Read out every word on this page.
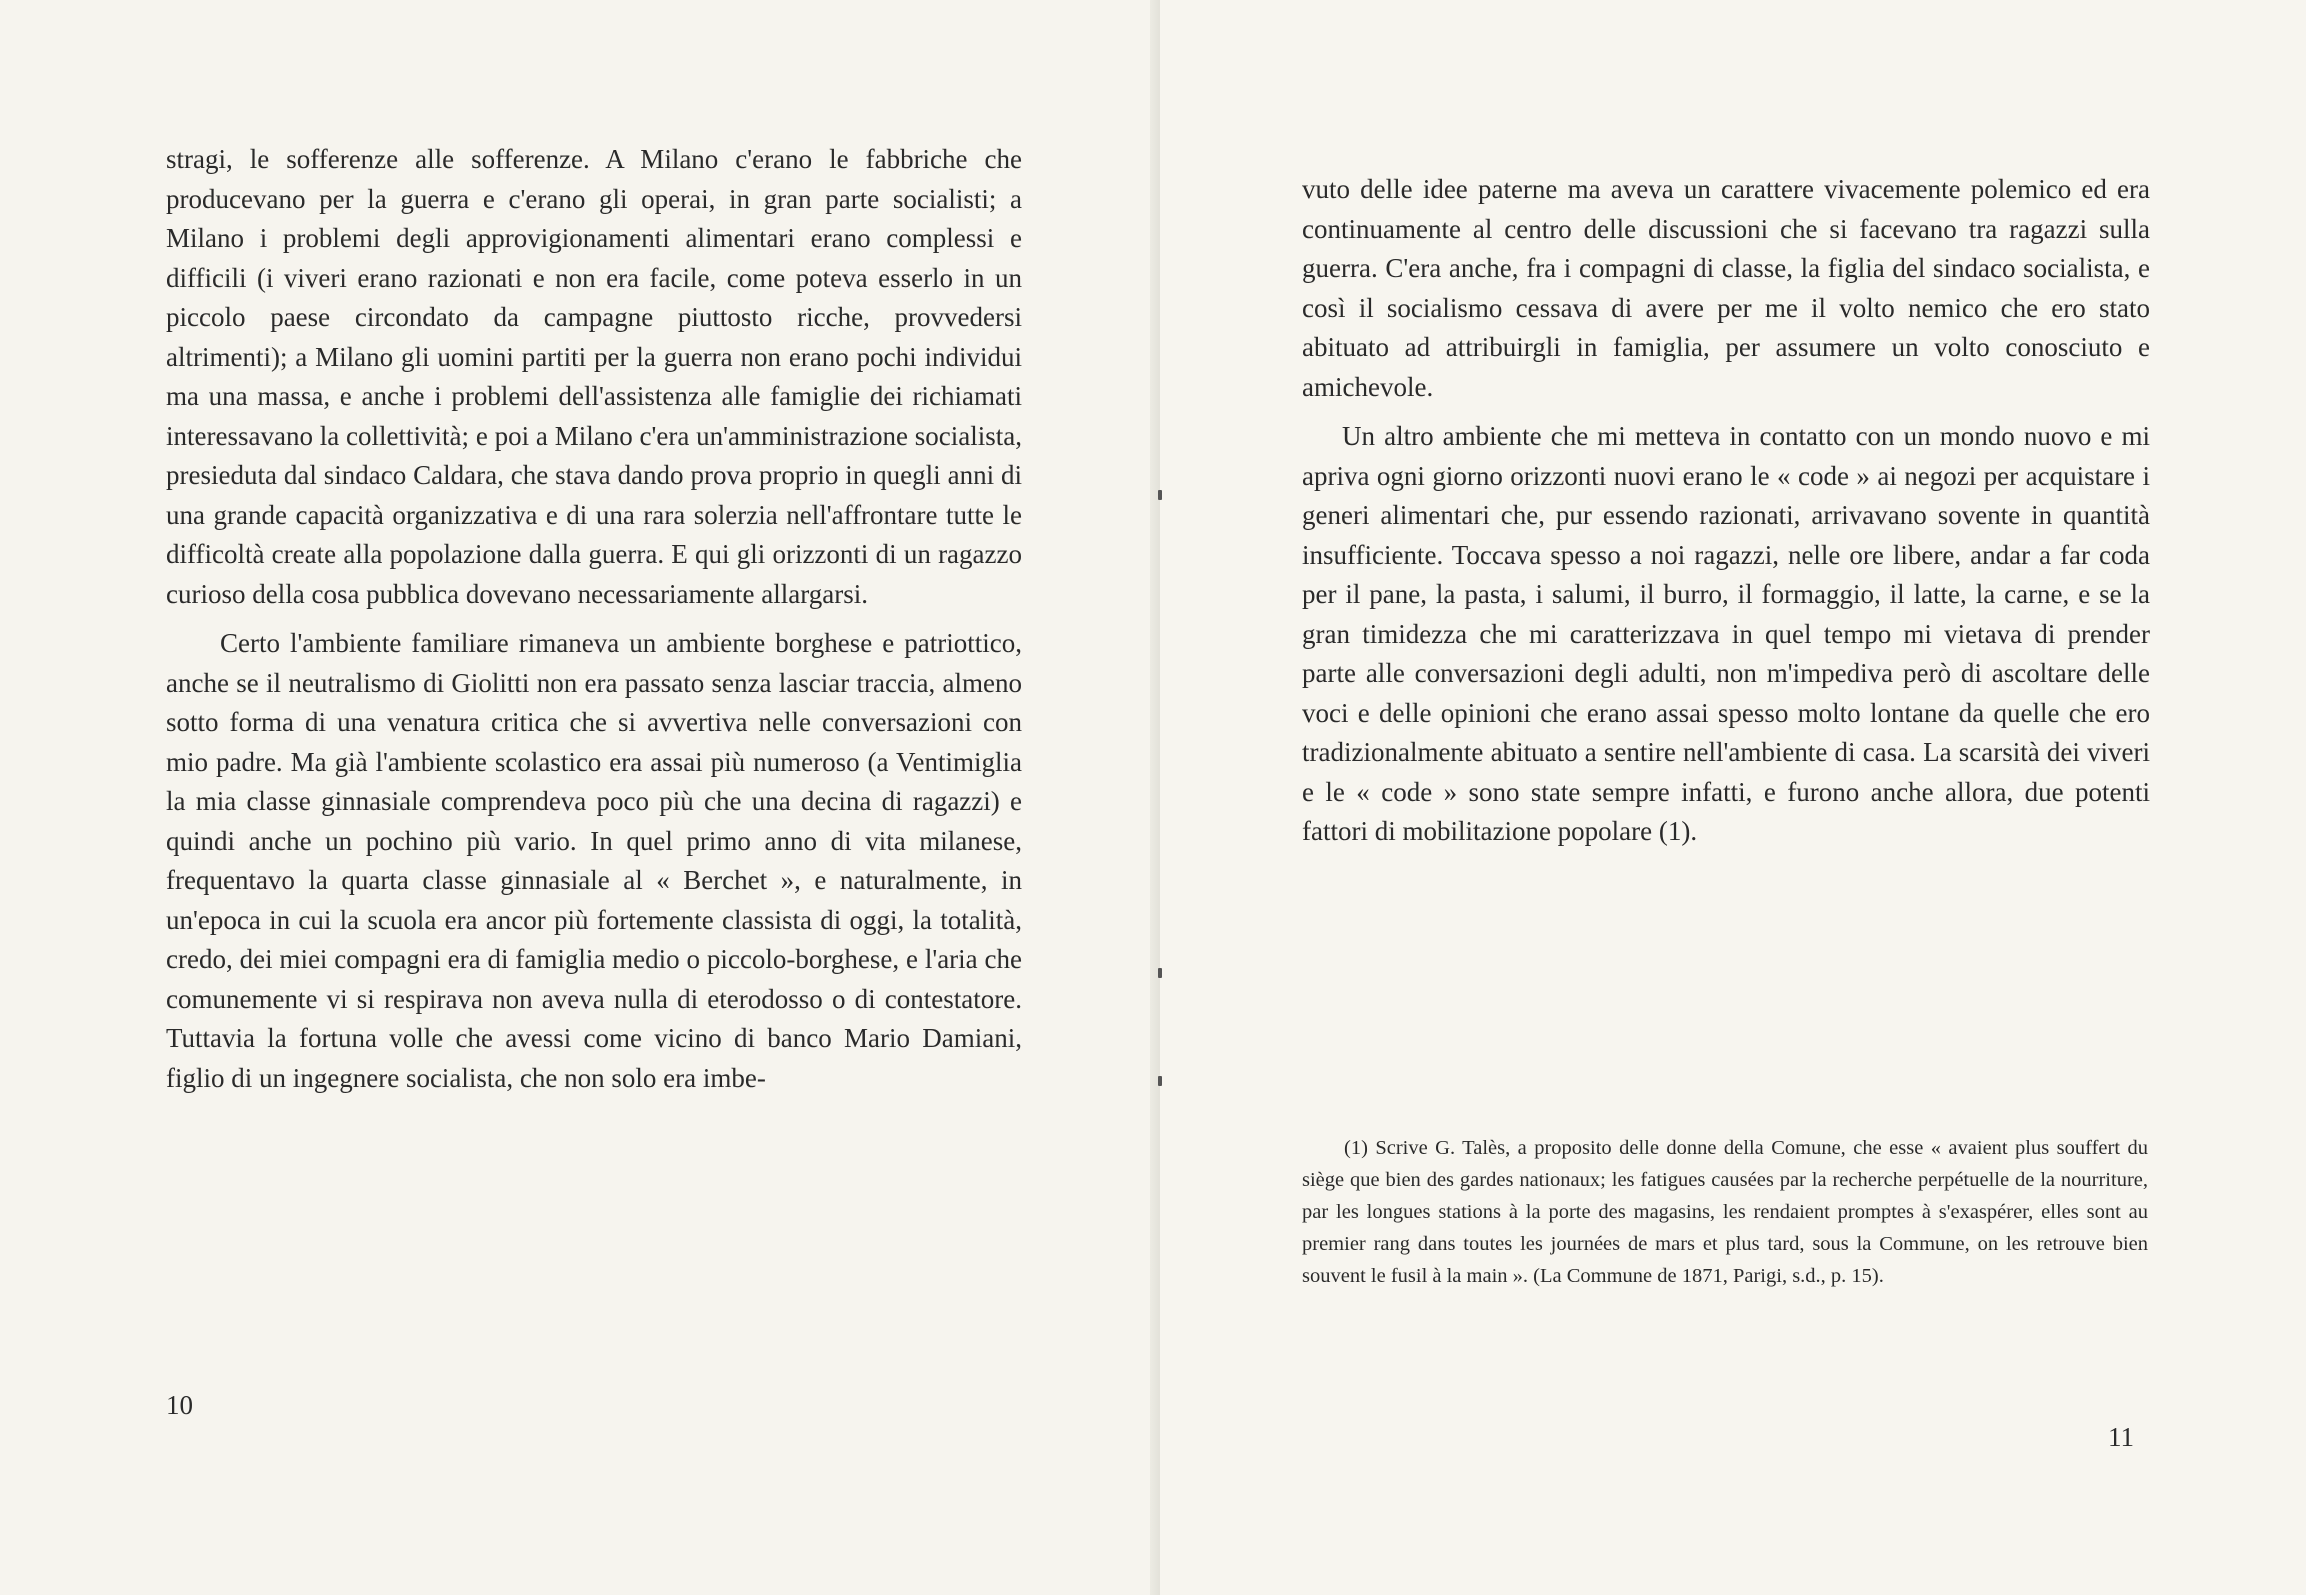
stragi, le sofferenze alle sofferenze. A Milano c'erano le fabbriche che producevano per la guerra e c'erano gli operai, in gran parte socialisti; a Milano i problemi degli approvigionamenti alimentari erano complessi e difficili (i viveri erano razionati e non era facile, come poteva esserlo in un piccolo paese circondato da campagne piuttosto ricche, provvedersi altrimenti); a Milano gli uomini partiti per la guerra non erano pochi individui ma una massa, e anche i problemi dell'assistenza alle famiglie dei richiamati interessavano la collettività; e poi a Milano c'era un'amministrazione socialista, presieduta dal sindaco Caldara, che stava dando prova proprio in quegli anni di una grande capacità organizzativa e di una rara solerzia nell'affrontare tutte le difficoltà create alla popolazione dalla guerra. E qui gli orizzonti di un ragazzo curioso della cosa pubblica dovevano necessariamente allargarsi.

Certo l'ambiente familiare rimaneva un ambiente borghese e patriottico, anche se il neutralismo di Giolitti non era passato senza lasciar traccia, almeno sotto forma di una venatura critica che si avvertiva nelle conversazioni con mio padre. Ma già l'ambiente scolastico era assai più numeroso (a Ventimiglia la mia classe ginnasiale comprendeva poco più che una decina di ragazzi) e quindi anche un pochino più vario. In quel primo anno di vita milanese, frequentavo la quarta classe ginnasiale al « Berchet », e naturalmente, in un'epoca in cui la scuola era ancor più fortemente classista di oggi, la totalità, credo, dei miei compagni era di famiglia medio o piccolo-borghese, e l'aria che comunemente vi si respirava non aveva nulla di eterodosso o di contestatore. Tuttavia la fortuna volle che avessi come vicino di banco Mario Damiani, figlio di un ingegnere socialista, che non solo era imbe-

10

vuto delle idee paterne ma aveva un carattere vivacemente polemico ed era continuamente al centro delle discussioni che si facevano tra ragazzi sulla guerra. C'era anche, fra i compagni di classe, la figlia del sindaco socialista, e così il socialismo cessava di avere per me il volto nemico che ero stato abituato ad attribuirgli in famiglia, per assumere un volto conosciuto e amichevole.

Un altro ambiente che mi metteva in contatto con un mondo nuovo e mi apriva ogni giorno orizzonti nuovi erano le « code » ai negozi per acquistare i generi alimentari che, pur essendo razionati, arrivavano sovente in quantità insufficiente. Toccava spesso a noi ragazzi, nelle ore libere, andar a far coda per il pane, la pasta, i salumi, il burro, il formaggio, il latte, la carne, e se la gran timidezza che mi caratterizzava in quel tempo mi vietava di prender parte alle conversazioni degli adulti, non m'impediva però di ascoltare delle voci e delle opinioni che erano assai spesso molto lontane da quelle che ero tradizionalmente abituato a sentire nell'ambiente di casa. La scarsità dei viveri e le « code » sono state sempre infatti, e furono anche allora, due potenti fattori di mobilitazione popolare (1).

(1) Scrive G. Talès, a proposito delle donne della Comune, che esse « avaient plus souffert du siège que bien des gardes nationaux; les fatigues causées par la recherche perpétuelle de la nourriture, par les longues stations à la porte des magasins, les rendaient promptes à s'exaspérer, elles sont au premier rang dans toutes les journées de mars et plus tard, sous la Commune, on les retrouve bien souvent le fusil à la main ». (La Commune de 1871, Parigi, s.d., p. 15).
11
